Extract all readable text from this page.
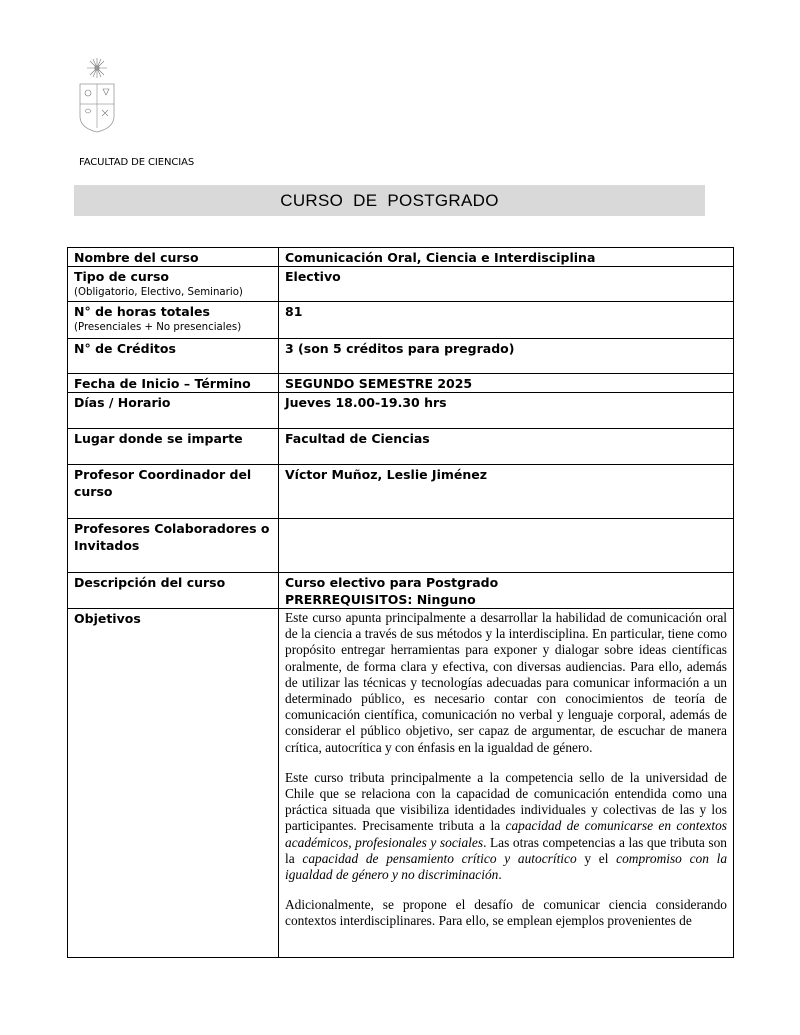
FACULTAD DE CIENCIAS
CURSO DE POSTGRADO
Nombre del curso	Comunicación Oral, Ciencia e Interdisciplina
Tipo de curso
(Obligatorio, Electivo, Seminario)	Electivo
N° de horas totales
(Presenciales + No presenciales)	81
N° de Créditos	3 (son 5 créditos para pregrado)
Fecha de Inicio – Término	SEGUNDO SEMESTRE 2025
Días / Horario	Jueves 18.00-19.30 hrs
Lugar donde se imparte	Facultad de Ciencias
Profesor Coordinador del curso	Víctor Muñoz, Leslie Jiménez
Profesores Colaboradores o Invitados	
Descripción del curso	Curso electivo para Postgrado
PRERREQUISITOS: Ninguno

Objetivos	Este curso apunta principalmente a desarrollar la habilidad de comunicación oral de la ciencia a través de sus métodos y la interdisciplina. En particular, tiene como propósito entregar herramientas para exponer y dialogar sobre ideas científicas oralmente, de forma clara y efectiva, con diversas audiencias. Para ello, además de utilizar las técnicas y tecnologías adecuadas para comunicar información a un determinado público, es necesario contar con conocimientos de teoría de comunicación científica, comunicación no verbal y lenguaje corporal, además de considerar el público objetivo, ser capaz de argumentar, de escuchar de manera crítica, autocrítica y con énfasis en la igualdad de género.

Este curso tributa principalmente a la competencia sello de la universidad de Chile que se relaciona con la capacidad de comunicación entendida como una práctica situada que visibiliza identidades individuales y colectivas de las y los participantes. Precisamente tributa a la capacidad de comunicarse en contextos académicos, profesionales y sociales. Las otras competencias a las que tributa son la capacidad de pensamiento crítico y autocrítico y el compromiso con la igualdad de género y no discriminación.

Adicionalmente, se propone el desafío de comunicar ciencia considerando contextos interdisciplinares. Para ello, se emplean ejemplos provenientes de
